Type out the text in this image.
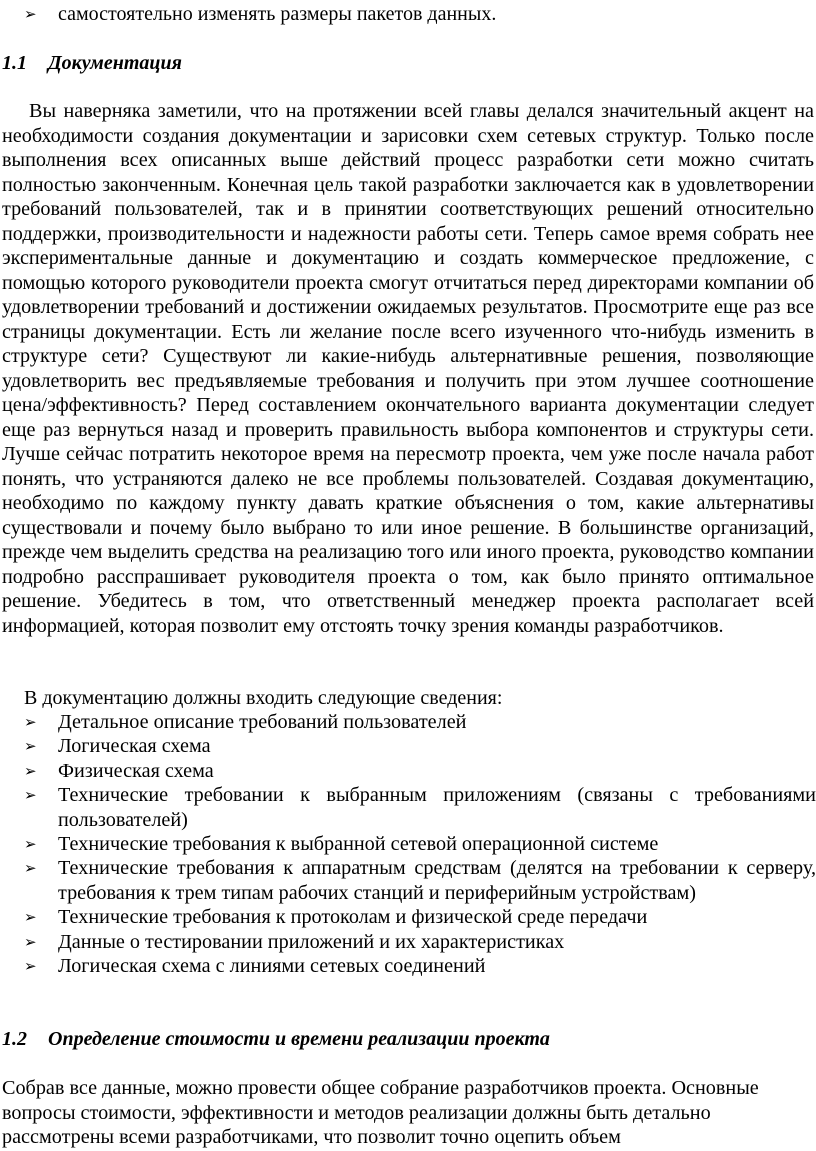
➢ самостоятельно изменять размеры пакетов данных.
1.1 Документация

Вы наверняка заметили, что на протяжении всей главы делался значительный акцент на необходимости создания документации и зарисовки схем сетевых структур. Только после выполнения всех описанных выше действий процесс разработки сети можно считать полностью законченным. Конечная цель такой разработки заключается как в удовлетворении требований пользователей, так и в принятии соответствующих решений относительно поддержки, производительности и надежности работы сети. Теперь самое время собрать нее экспериментальные данные и документацию и создать коммерческое предложение, с помощью которого руководители проекта смогут отчитаться перед директорами компании об удовлетворении требований и достижении ожидаемых результатов. Просмотрите еще раз все страницы документации. Есть ли желание после всего изученного что-нибудь изменить в структуре сети? Существуют ли какие-нибудь альтернативные решения, позволяющие удовлетворить вес предъявляемые требования и получить при этом лучшее соотношение цена/эффективность? Перед составлением окончательного варианта документации следует еще раз вернуться назад и проверить правильность выбора компонентов и структуры сети. Лучше сейчас потратить некоторое время на пересмотр проекта, чем уже после начала работ понять, что устраняются далеко не все проблемы пользователей. Создавая документацию, необходимо по каждому пункту давать краткие объяснения о том, какие альтернативы существовали и почему было выбрано то или иное решение. В большинстве организаций, прежде чем выделить средства на реализацию того или иного проекта, руководство компании подробно расспрашивает руководителя проекта о том, как было принято оптимальное решение. Убедитесь в том, что ответственный менеджер проекта располагает всей информацией, которая позволит ему отстоять точку зрения команды разработчиков.

В документацию должны входить следующие сведения:
➢ Детальное описание требований пользователей
➢ Логическая схема
➢ Физическая схема
➢ Технические требовании к выбранным приложениям (связаны с требованиями пользователей)
➢ Технические требования к выбранной сетевой операционной системе
➢ Технические требования к аппаратным средствам (делятся на требовании к серверу, требования к трем типам рабочих станций и периферийным устройствам)
➢ Технические требования к протоколам и физической среде передачи
➢ Данные о тестировании приложений и их характеристиках
➢ Логическая схема с линиями сетевых соединений
1.2 Определение стоимости и времени реализации проекта

Собрав все данные, можно провести общее собрание разработчиков проекта. Основные вопросы стоимости, эффективности и методов реализации должны быть детально рассмотрены всеми разработчиками, что позволит точно оцепить объем
